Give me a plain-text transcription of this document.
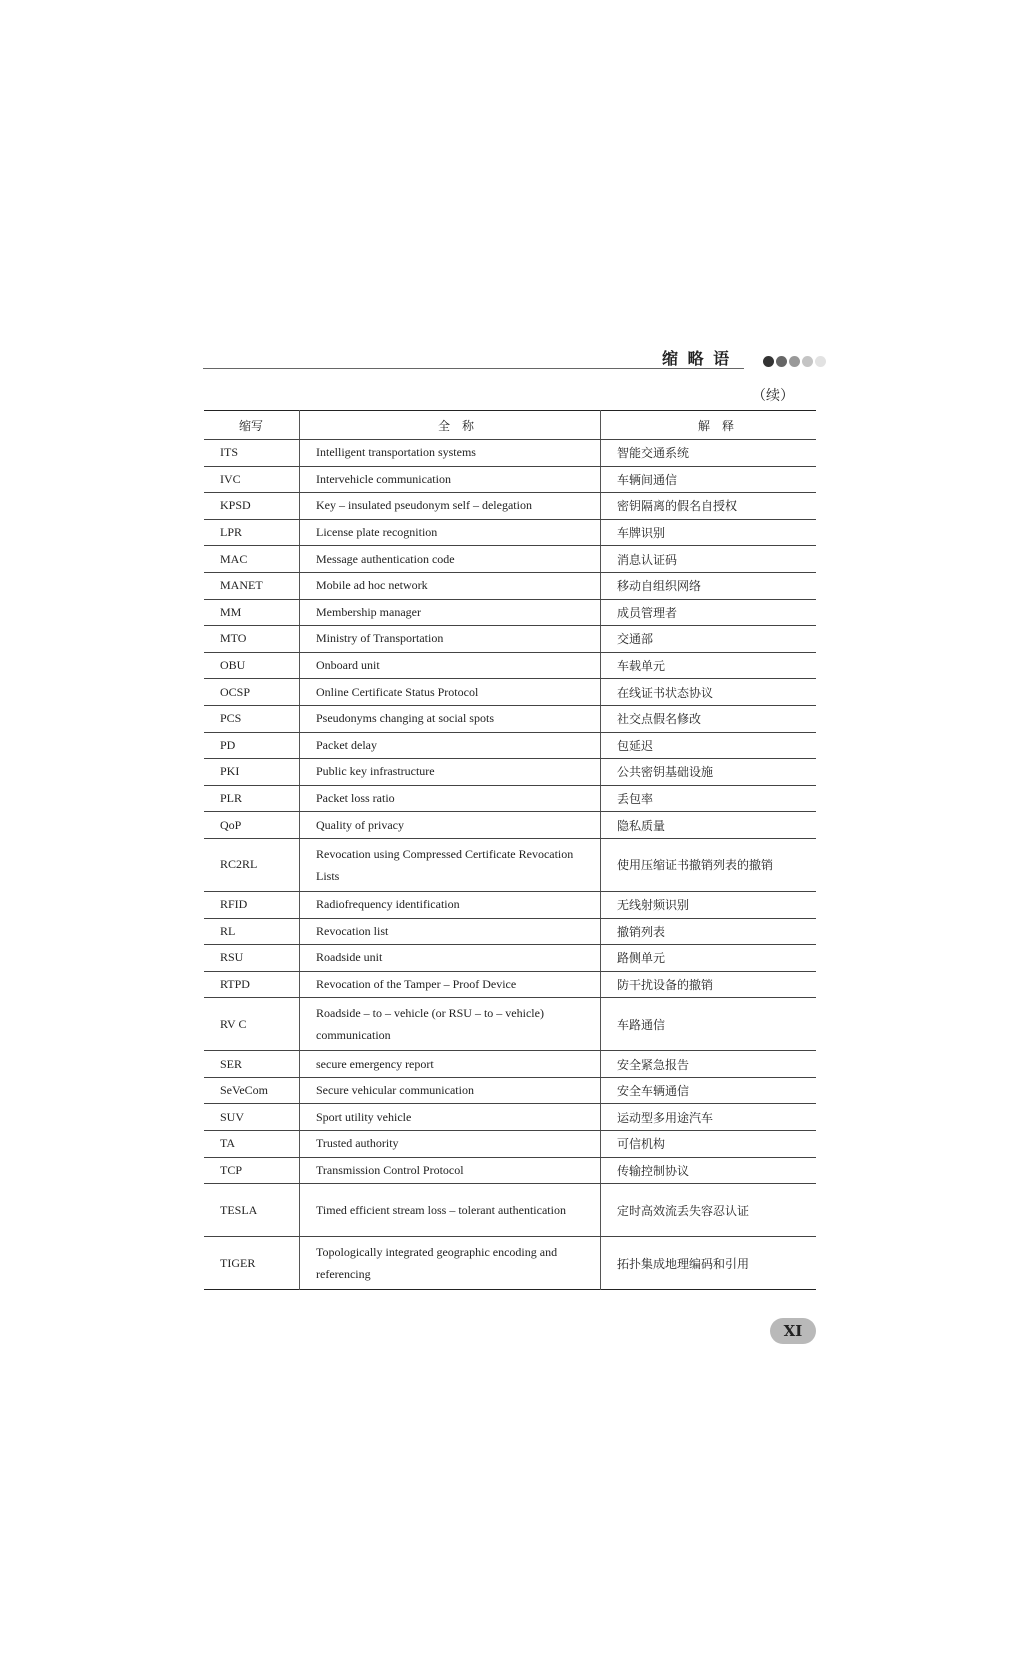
缩 略 语
（续）
缩写	全　称	解　释
ITS	Intelligent transportation systems	智能交通系统
IVC	Intervehicle communication	车辆间通信
KPSD	Key – insulated pseudonym self – delegation	密钥隔离的假名自授权
LPR	License plate recognition	车牌识别
MAC	Message authentication code	消息认证码
MANET	Mobile ad hoc network	移动自组织网络
MM	Membership manager	成员管理者
MTO	Ministry of Transportation	交通部
OBU	Onboard unit	车载单元
OCSP	Online Certificate Status Protocol	在线证书状态协议
PCS	Pseudonyms changing at social spots	社交点假名修改
PD	Packet delay	包延迟
PKI	Public key infrastructure	公共密钥基础设施
PLR	Packet loss ratio	丢包率
QoP	Quality of privacy	隐私质量
RC2RL	Revocation using Compressed Certificate Revocation Lists	使用压缩证书撤销列表的撤销
RFID	Radiofrequency identification	无线射频识别
RL	Revocation list	撤销列表
RSU	Roadside unit	路侧单元
RTPD	Revocation of the Tamper – Proof Device	防干扰设备的撤销
RV C	Roadside – to – vehicle (or RSU – to – vehicle) communication	车路通信
SER	secure emergency report	安全紧急报告
SeVeCom	Secure vehicular communication	安全车辆通信
SUV	Sport utility vehicle	运动型多用途汽车
TA	Trusted authority	可信机构
TCP	Transmission Control Protocol	传输控制协议
TESLA	Timed efficient stream loss – tolerant authentication	定时高效流丢失容忍认证
TIGER	Topologically integrated geographic encoding and referencing	拓扑集成地理编码和引用
XI
